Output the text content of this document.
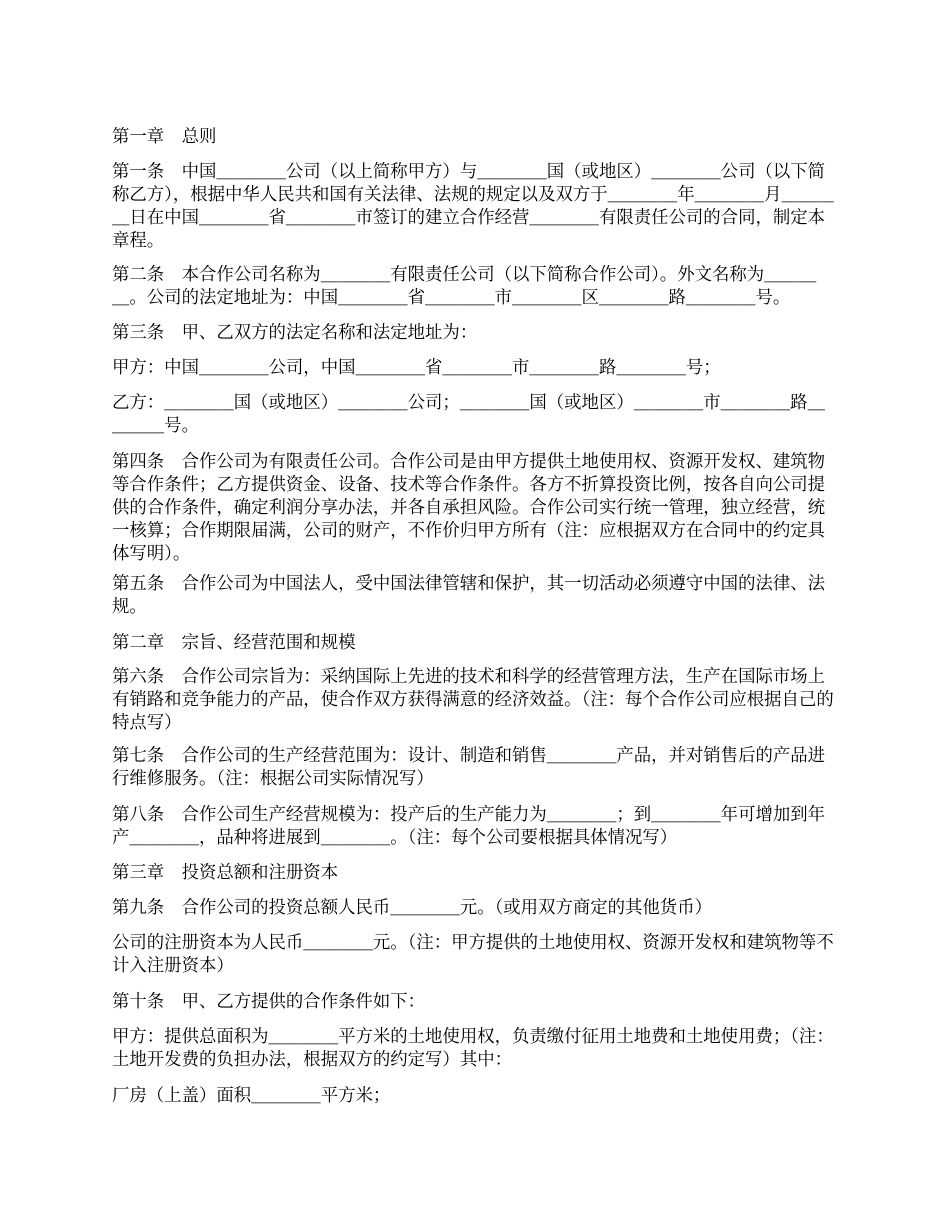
第一章　总则

第一条　中国＿＿＿＿公司（以上简称甲方）与＿＿＿＿国（或地区）＿＿＿＿公司（以下简称乙方），根据中华人民共和国有关法律、法规的规定以及双方于＿＿＿＿年＿＿＿＿月＿＿＿＿日在中国＿＿＿＿省＿＿＿＿市签订的建立合作经营＿＿＿＿有限责任公司的合同，制定本章程。

第二条　本合作公司名称为＿＿＿＿有限责任公司（以下简称合作公司）。外文名称为＿＿＿＿。公司的法定地址为：中国＿＿＿＿省＿＿＿＿市＿＿＿＿区＿＿＿＿路＿＿＿＿号。

第三条　甲、乙双方的法定名称和法定地址为：

甲方：中国＿＿＿＿公司，中国＿＿＿＿省＿＿＿＿市＿＿＿＿路＿＿＿＿号；

乙方：＿＿＿＿国（或地区）＿＿＿＿公司；＿＿＿＿国（或地区）＿＿＿＿市＿＿＿＿路＿＿＿＿号。

第四条　合作公司为有限责任公司。合作公司是由甲方提供土地使用权、资源开发权、建筑物等合作条件；乙方提供资金、设备、技术等合作条件。各方不折算投资比例，按各自向公司提供的合作条件，确定利润分享办法，并各自承担风险。合作公司实行统一管理，独立经营，统一核算；合作期限届满，公司的财产，不作价归甲方所有（注：应根据双方在合同中的约定具体写明）。

第五条　合作公司为中国法人，受中国法律管辖和保护，其一切活动必须遵守中国的法律、法规。

第二章　宗旨、经营范围和规模

第六条　合作公司宗旨为：采纳国际上先进的技术和科学的经营管理方法，生产在国际市场上有销路和竞争能力的产品，使合作双方获得满意的经济效益。（注：每个合作公司应根据自己的特点写）

第七条　合作公司的生产经营范围为：设计、制造和销售＿＿＿＿产品，并对销售后的产品进行维修服务。（注：根据公司实际情况写）

第八条　合作公司生产经营规模为：投产后的生产能力为＿＿＿＿；到＿＿＿＿年可增加到年产＿＿＿＿，品种将进展到＿＿＿＿。（注：每个公司要根据具体情况写）

第三章　投资总额和注册资本

第九条　合作公司的投资总额人民币＿＿＿＿元。（或用双方商定的其他货币）

公司的注册资本为人民币＿＿＿＿元。（注：甲方提供的土地使用权、资源开发权和建筑物等不计入注册资本）

第十条　甲、乙方提供的合作条件如下：

甲方：提供总面积为＿＿＿＿平方米的土地使用权，负责缴付征用土地费和土地使用费；（注：土地开发费的负担办法，根据双方的约定写）其中：

厂房（上盖）面积＿＿＿＿平方米；
